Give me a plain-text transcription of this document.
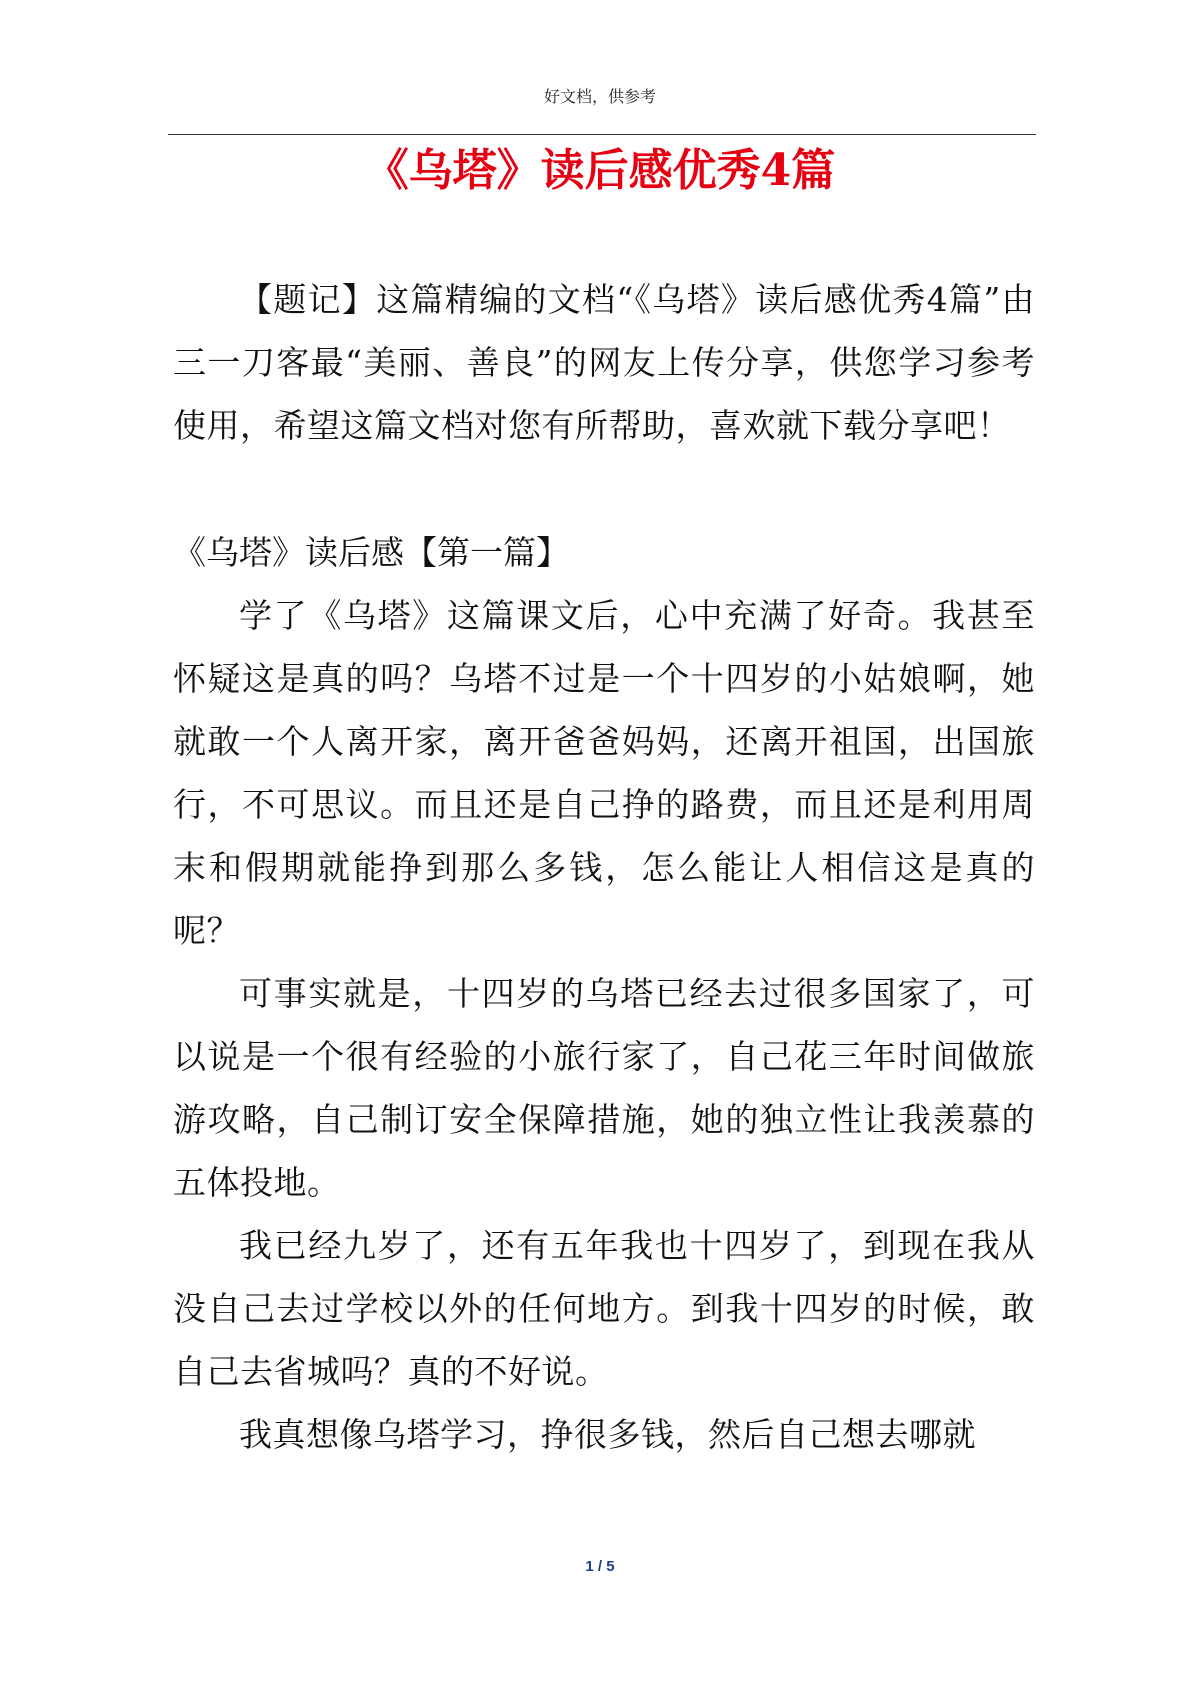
好文档，供参考
《乌塔》读后感优秀4篇

【题记】这篇精编的文档“《乌塔》读后感优秀4篇”由三一刀客最“美丽、善良”的网友上传分享，供您学习参考使用，希望这篇文档对您有所帮助，喜欢就下载分享吧！

《乌塔》读后感【第一篇】

学了《乌塔》这篇课文后，心中充满了好奇。我甚至怀疑这是真的吗？乌塔不过是一个十四岁的小姑娘啊，她就敢一个人离开家，离开爸爸妈妈，还离开祖国，出国旅行，不可思议。而且还是自己挣的路费，而且还是利用周末和假期就能挣到那么多钱，怎么能让人相信这是真的呢？

可事实就是，十四岁的乌塔已经去过很多国家了，可以说是一个很有经验的小旅行家了，自己花三年时间做旅游攻略，自己制订安全保障措施，她的独立性让我羡慕的五体投地。

我已经九岁了，还有五年我也十四岁了，到现在我从没自己去过学校以外的任何地方。到我十四岁的时候，敢自己去省城吗？真的不好说。

我真想像乌塔学习，挣很多钱，然后自己想去哪就

1 / 5
